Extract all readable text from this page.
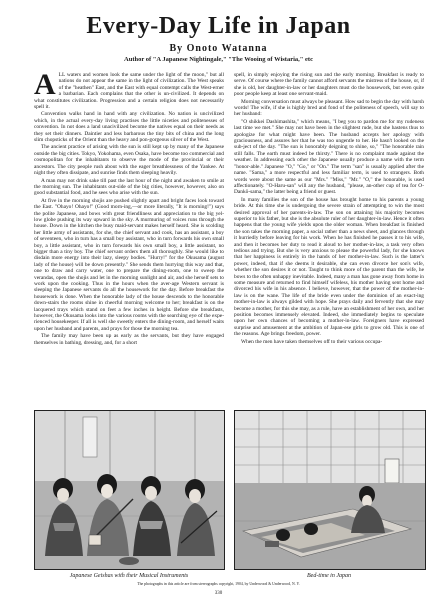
Every-Day Life in Japan

By Onoto Watanna

Author of "A Japanese Nightingale," "The Wooing of Wistaria," etc

ALL waters and women look the same under the light of the moon," but all nations do not appear the same in the light of civilization. The West speaks of the "heathen" East, and the East with equal contempt calls the West-erner a barbarian. Each complains that the other is un-civilized. It depends on what constitutes civilization. Progression and a certain religion does not necessarily spell it.

Convention walks hand in hand with any civilization. No nation is uncivilized which, in the actual every-day living practises the little niceties and politenesses of convention. In not does a land unacivilized become the natives equal on their needs as they set their dinners. Daintier and less barbarous the tiny bits of china and the long slim chopsticks of the Orient than the heavy and pon-gorgeous silver of the West.

The ancient practice of arising with the sun is still kept up by many of the Japanese outside the big cities. Tokyo, Yokohama, even Osaka, have become too commercial and cosmopolitan for the inhabitants to observe the mode of the provincial or their ancestors. The city people rush about with the eager breathlessness of the Yankee. At night they often dissipate, and sunrise finds them sleeping heavily.

A man may not drink sake till past the last hour of the night and awaken to smile at the morning sun. The inhabitants out-side of the big cities, however, however, also on good substantial food, and he sees who arise with the sun.

At five in the morning shojis are pushed slightly apart and bright faces look toward the East. "Ohayo! Ohayo!" (Good morn-ing,—or more literally, "It is morning!") says the polite Japanese, and bows with great friendliness and appreciation to the big yel-low globe pushing its way upward in the sky. A murmuring of voices runs through the house. Down in the kitchen the busy maid-servant makes herself heard. She is scolding her little army of assistants, for she, the chief servant and cook, has an assistant, a boy of seventeen, who in turn has a small boy assistant, who in turn forwards his own small boy, a little assistant, who in turn forwards his own small boy, a little assistant, no bigger than a tiny boy. The chief servant orders them all thoroughly. She would like to disdain more energy into their lazy, sleepy bodies. "Hurry!" for the Okusama (august lady of the house) will be down presently." She sends them hurrying this way and that, one to draw and carry water, one to prepare the dining-room, one to sweep the verandas, open the shojis and let in the morning sunlight and air, and she herself sets to work upon the cooking. Thus in the hours when the aver-age Western servant is sleeping the Japanese servants do all the housework for the day. Before breakfast the housework is done. When the honorable lady of the house descends to the honorable down-stairs the rooms shine in cheerful morning welcome to her; breakfast is on the lacquered trays which stand on feet a few inches in height. Before she breakfasts, however, the Okusama looks into the various rooms with the searching eye of the expe-rienced housekeeper. If all is well she sweetly enters the dining-room, and herself waits upon her husband and parents, and prays for those the morning tea.

The family may have been up as early as the servants, but they have engaged themselves in bathing, dressing, and, for a short

spell, in simply enjoying the rising sun and the early morning. Breakfast is ready to serve. Of course where the family cannot afford servants the mistress of the house, or, if she is old, her daughter-in-law or her daughters must do the housework, but even quite poor people keep at least one servant-maid.

Morning conversation must always be pleasant. How sad to begin the day with harsh words! The wife, if she is highly bred and fond of the politeness of speech, will say to her husband:

"O shikkei Dashimashita," which means, "I beg you to pardon me for my rudeness last time we met." She may not have been in the slightest rude, but she hastens thus to apologize for what might have been. The husband accepts her apology with graciousness, and assures her that he was too ungentle to her. He hasn't looked on the sub-ject of the day. "The sun is honorably deigning to shine, so," "The honorable rain still falls. The earth must indeed be thirsty." There is no complaint made against the weather. In addressing each other the Japanese usually produce a name with the term "honor-able." Japanese "O," "Go," or "On." The term "san" is usually applied after the name. "Sama," a more respectful and less familiar term, is used to strangers. Both words were about the same as our "Mrs." "Miss," "Mr." "O," the honorable, is used affectionately. "O-Haru-san" will any the husband, "please, an-other cup of tea for O-Dankō-sama," the latter being a friend or guest.

In many families the son of the house has brought home to his parents a young bride. At this time she is undergoing the severe strain of attempting to win the most desired approval of her parents-in-law. The son on attaining his majority becomes superior to his father, but she is the absolute ruler of her daughter-in-law. Hence it often happens that the young wife yields upon the older woman. When breakfast is finished the son takes the morning paper, a social rather than a news sheet, and glances through it hurriedly before leaving for his work. When he has finished he passes it to his wife, and then it becomes her duty to read it aloud to her mother-in-law, a task very often tedious and trying. But she is very anxious to please the powerful lady, for she knows that her happiness is entirely in the hands of her mother-in-law. Such is the latter's power, indeed, that if she deems it desirable, she can even divorce her son's wife, whether the son desires it or not. Taught to think more of the parent than the wife, he bows to the often unhappy inevitable. Indeed, many a man has gone away from home in some measure and returned to find himself wifeless, his mother having sent home and divorced his wife in his absence. I believe, however, that the power of the mother-in-law is on the wane. The life of the bride even under the dominion of an exact-ing mother-in-law is always gilded with hope. She prays daily and fervently that she may become a mother, for this she may, as a rule, have an establishment of her own, and her position becomes immensely elevated. Indeed, she immediately begins to speculate upon her own chances of becoming a mother-in-law. Foreigners have expressed surprise and amusement at the ambition of Japan-ese girls to grow old. This is one of the reasons. Age brings freedom, power.

When the men have taken themselves off to their various occupa-

Japanese Geishas with their Musical Instruments	Bed-time in Japan

The photographs in this article are from stereographs copyright, 1904, by Underwood & Underwood, N. Y.

330
